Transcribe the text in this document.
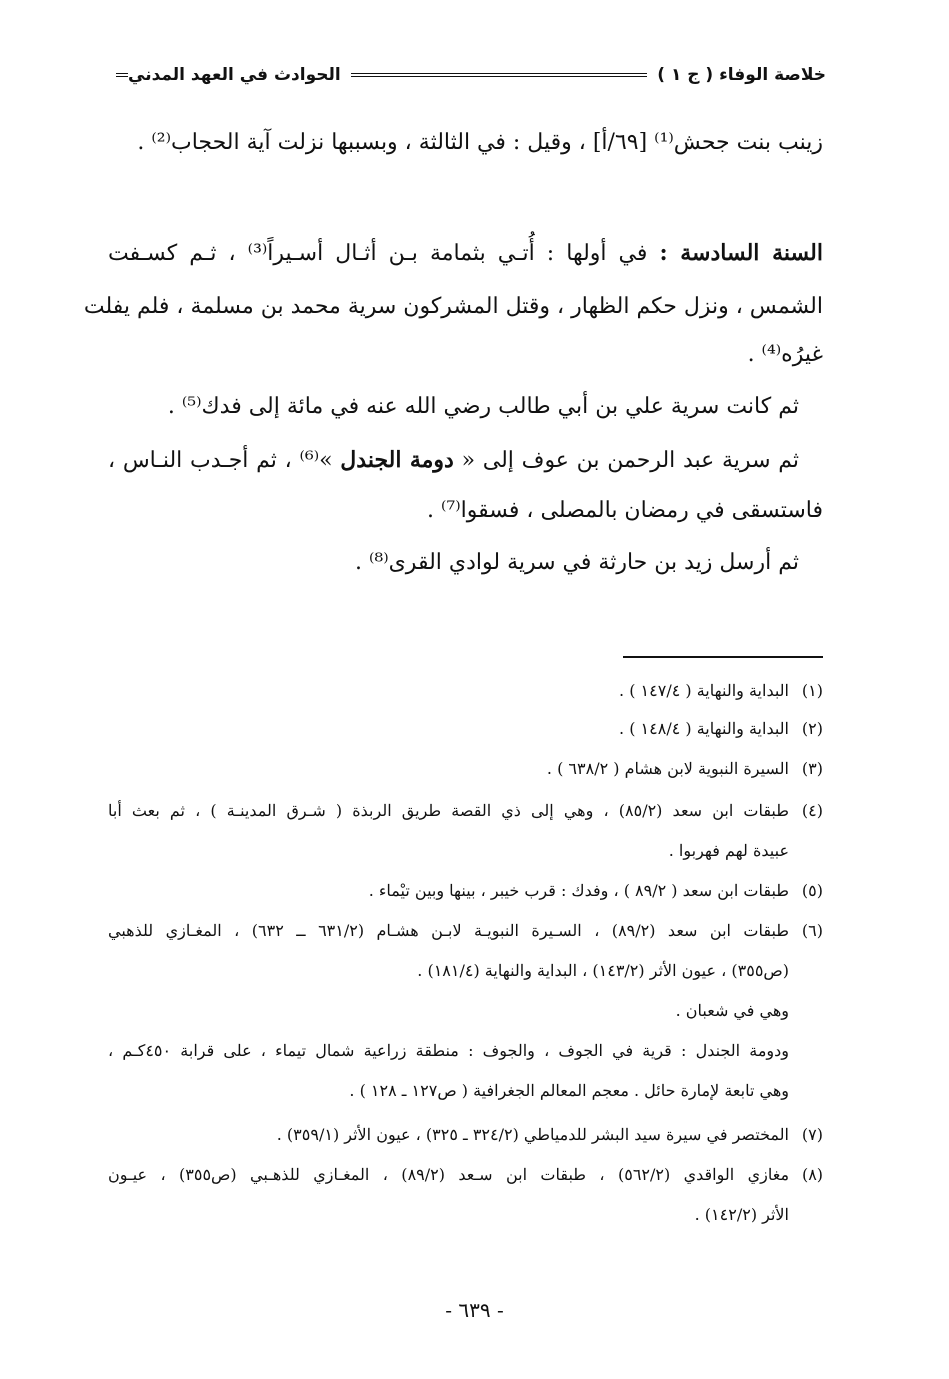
خلاصة الوفاء ( ج ١ )
الحوادث في العهد المدني
زينب بنت جحش⁽¹⁾ [٦٩/أ] ، وقيل : في الثالثة ، وبسببها نزلت آية الحجاب⁽²⁾ .
السنة السادسة : في أولها : أُتـي بثمامة بـن أثـال أسـيراً⁽³⁾ ، ثـم كسـفت
الشمس ، ونزل حكم الظهار ، وقتل المشركون سرية محمد بن مسلمة ، فلم يفلت
غيرُه⁽⁴⁾ .
ثم كانت سرية علي بن أبي طالب رضي الله عنه في مائة إلى فدك⁽⁵⁾ .
ثم سرية عبد الرحمن بن عوف إلى « دومة الجندل »⁽⁶⁾ ، ثم أجـدب النـاس ،
فاستسقى في رمضان بالمصلى ، فسقوا⁽⁷⁾ .
ثم أرسل زيد بن حارثة في سرية لوادي القرى⁽⁸⁾ .
(١)البداية والنهاية ( ١٤٧/٤ ) .
(٢)البداية والنهاية ( ١٤٨/٤ ) .
(٣)السيرة النبوية لابن هشام ( ٦٣٨/٢ ) .
(٤)طبقات ابن سعد (٨٥/٢) ، وهي إلى ذي القصة طريق الربذة ( شـرق المدينـة ) ، ثم بعث أبا
عبيدة لهم فهربوا .
(٥)طبقات ابن سعد ( ٨٩/٢ ) ، وفدك : قرب خيبر ، بينها وبين تيْماء .
(٦)طبقات ابن سعد (٨٩/٢) ، السـيرة النبويـة لابـن هشـام (٦٣١/٢ ــ ٦٣٢) ، المغـازي للذهبي
(ص٣٥٥) ، عيون الأثر (١٤٣/٢) ، البداية والنهاية (١٨١/٤) .
وهي في شعبان .
ودومة الجندل : قرية في الجوف ، والجوف : منطقة زراعية شمال تيماء ، على قرابة ٤٥٠كـم ،
وهي تابعة لإمارة حائل . معجم المعالم الجغرافية ( ص١٢٧ ـ ١٢٨ ) .
(٧)المختصر في سيرة سيد البشر للدمياطي (٣٢٤/٢ ـ ٣٢٥) ، عيون الأثر (٣٥٩/١) .
(٨)مغازي الواقدي (٥٦٢/٢) ، طبقات ابن سـعد (٨٩/٢) ، المغـازي للذهـبي (ص٣٥٥) ، عيـون
الأثر (١٤٢/٢) .
- ٦٣٩ -
